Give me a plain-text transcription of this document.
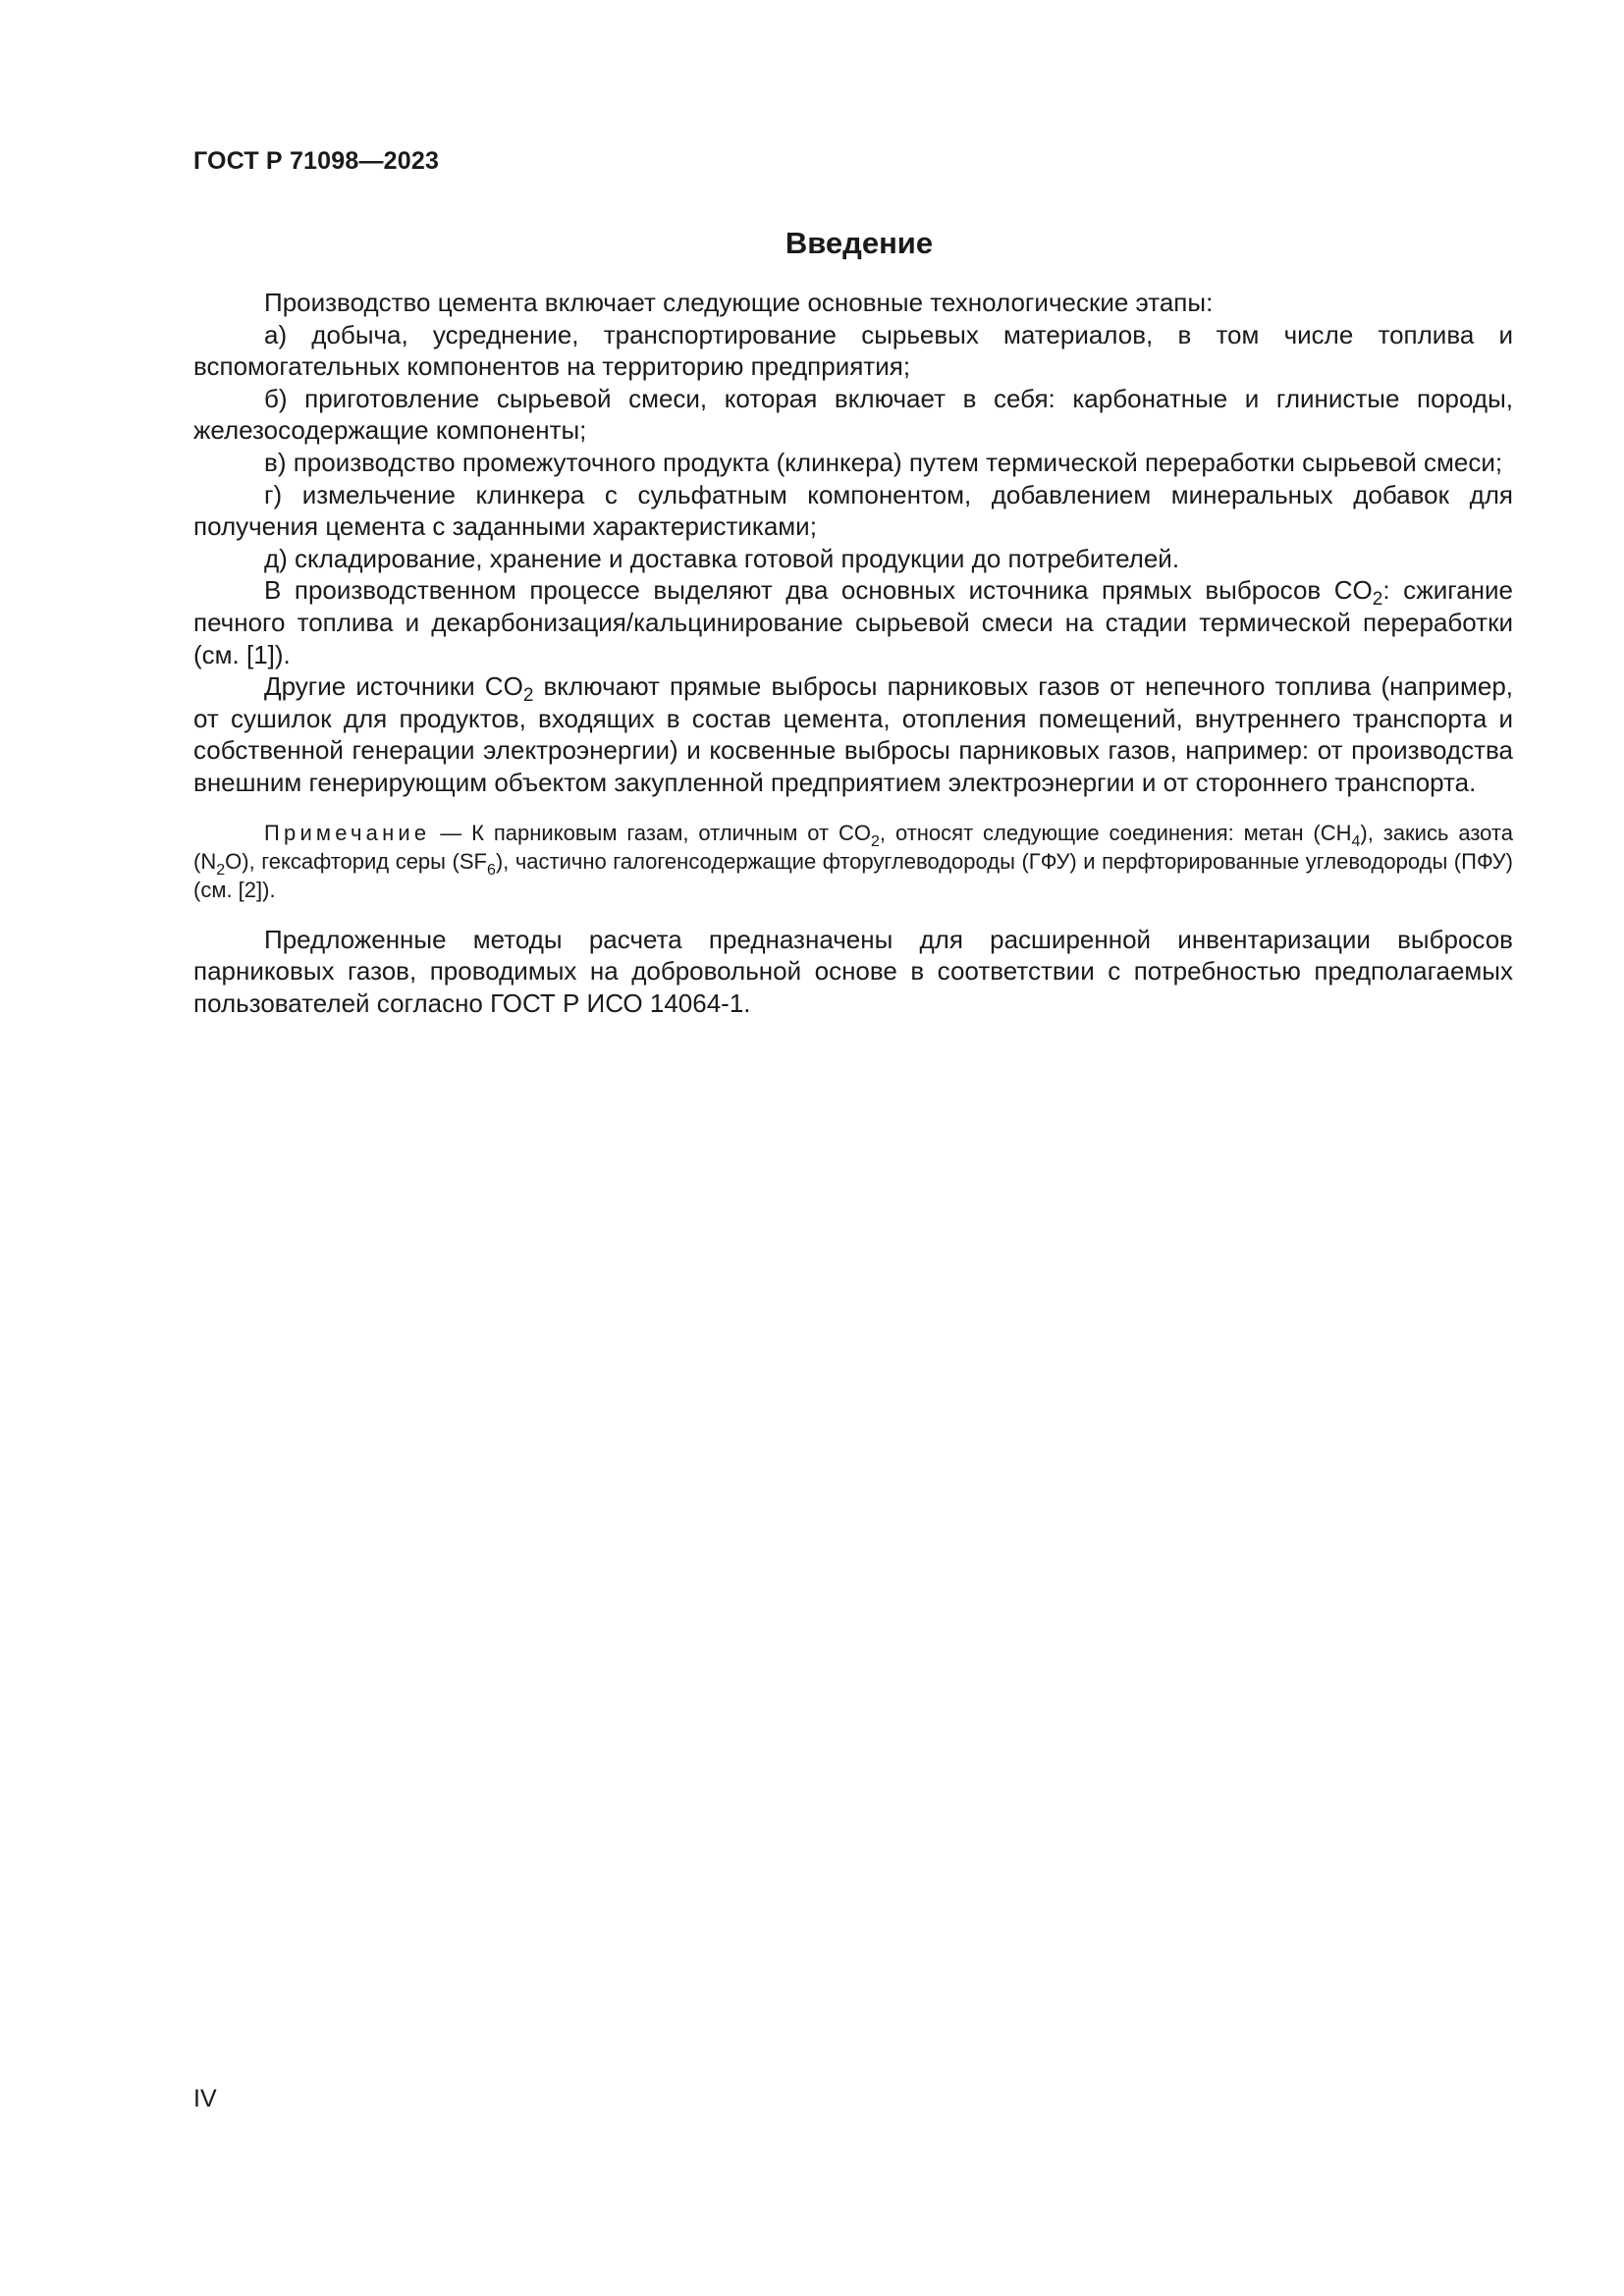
ГОСТ Р 71098—2023

Введение

Производство цемента включает следующие основные технологические этапы:

а) добыча, усреднение, транспортирование сырьевых материалов, в том числе топлива и вспомогательных компонентов на территорию предприятия;

б) приготовление сырьевой смеси, которая включает в себя: карбонатные и глинистые породы, железосодержащие компоненты;

в) производство промежуточного продукта (клинкера) путем термической переработки сырьевой смеси;

г) измельчение клинкера с сульфатным компонентом, добавлением минеральных добавок для получения цемента с заданными характеристиками;

д) складирование, хранение и доставка готовой продукции до потребителей.

В производственном процессе выделяют два основных источника прямых выбросов $CO_2$: сжигание печного топлива и декарбонизация/кальцинирование сырьевой смеси на стадии термической переработки (см. [1]).

Другие источники $CO_2$ включают прямые выбросы парниковых газов от непечного топлива (например, от сушилок для продуктов, входящих в состав цемента, отопления помещений, внутреннего транспорта и собственной генерации электроэнергии) и косвенные выбросы парниковых газов, например: от производства внешним генерирующим объектом закупленной предприятием электроэнергии и от стороннего транспорта.

Примечание — К парниковым газам, отличным от $CO_2$, относят следующие соединения: метан $(CH_4)$, закись азота $(N_2O)$, гексафторид серы $(SF_6)$, частично галогенсодержащие фторуглеводороды (ГФУ) и перфторированные углеводороды (ПФУ) (см. [2]).

Предложенные методы расчета предназначены для расширенной инвентаризации выбросов парниковых газов, проводимых на добровольной основе в соответствии с потребностью предполагаемых пользователей согласно ГОСТ Р ИСО 14064-1.

IV
